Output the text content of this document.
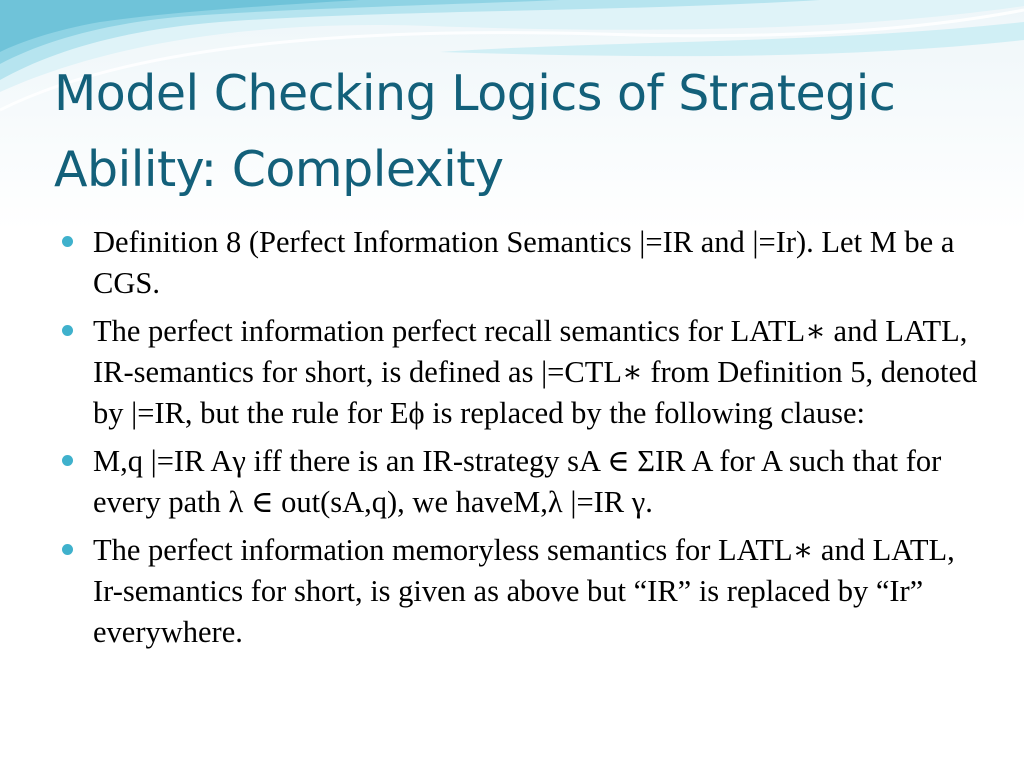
Model Checking Logics of Strategic Ability: Complexity
Definition 8 (Perfect Information Semantics |=IR and |=Ir). Let M be a CGS.
The perfect information perfect recall semantics for LATL∗ and LATL, IR-semantics for short, is defined as |=CTL∗ from Definition 5, denoted by |=IR, but the rule for Eϕ is replaced by the following clause:
M,q |=IR Aγ iff there is an IR-strategy sA ∈ ΣIR A for A such that for every path λ ∈ out(sA,q), we haveM,λ |=IR γ.
The perfect information memoryless semantics for LATL∗ and LATL, Ir-semantics for short, is given as above but “IR” is replaced by “Ir” everywhere.
